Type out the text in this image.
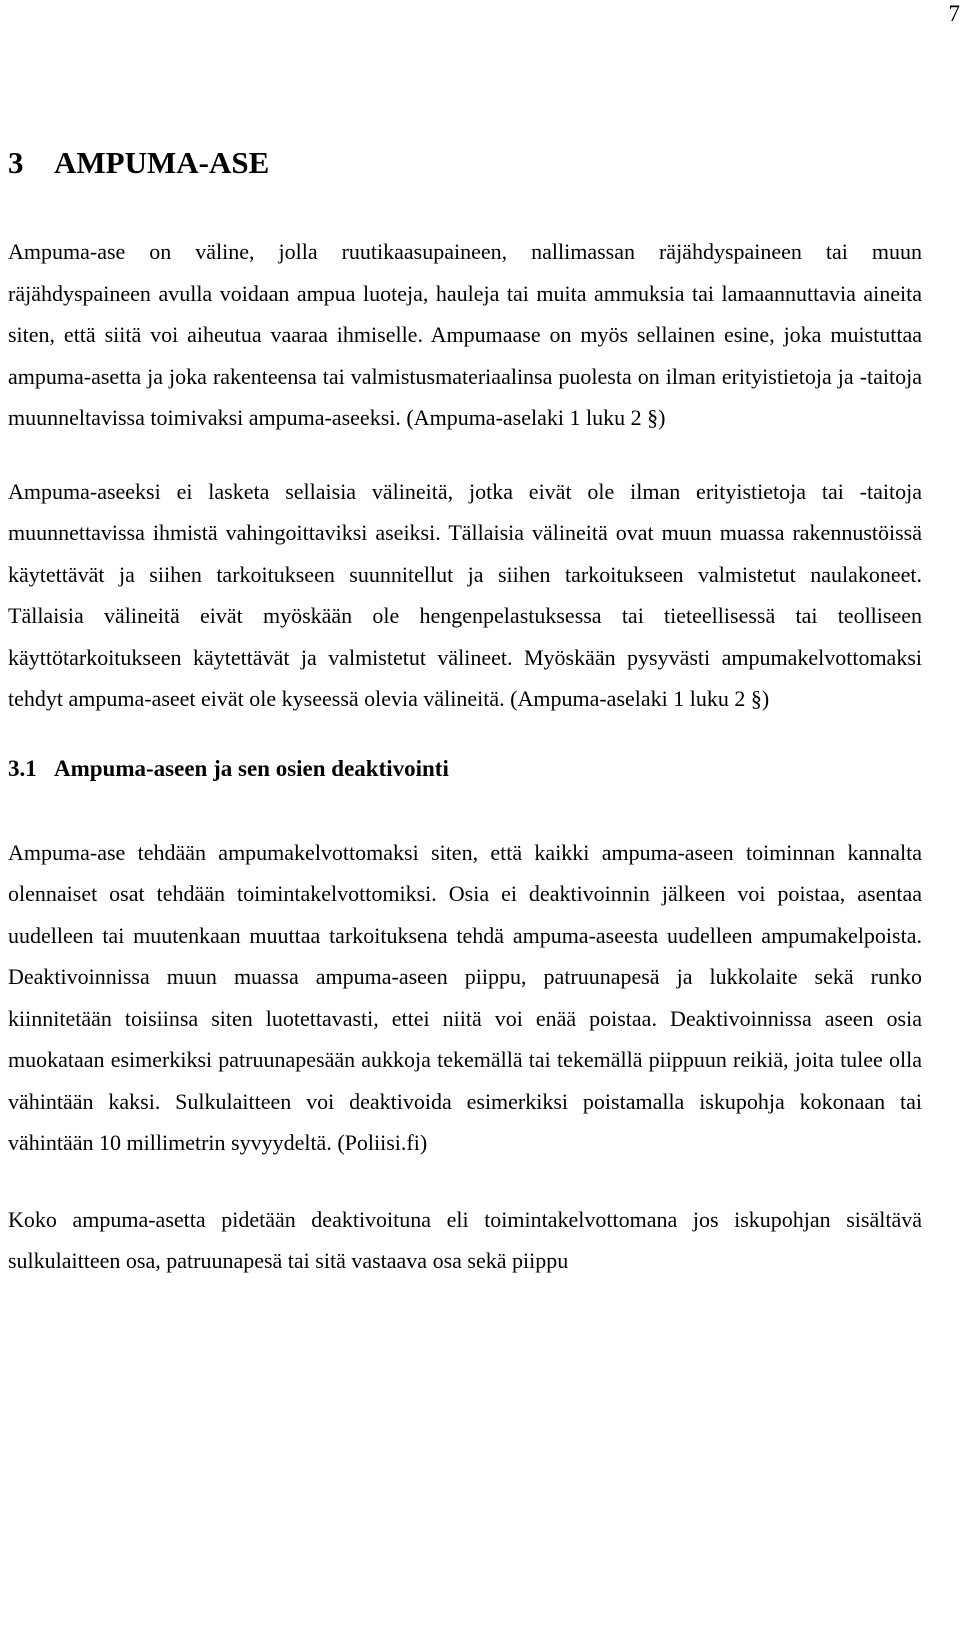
7
3 AMPUMA-ASE

Ampuma-ase on väline, jolla ruutikaasupaineen, nallimassan räjähdyspaineen tai muun räjähdyspaineen avulla voidaan ampua luoteja, hauleja tai muita ammuksia tai lamaannuttavia aineita siten, että siitä voi aiheutua vaaraa ihmiselle. Ampumaase on myös sellainen esine, joka muistuttaa ampuma-asetta ja joka rakenteensa tai valmistusmateriaalinsa puolesta on ilman erityistietoja ja -taitoja muunneltavissa toimivaksi ampuma-aseeksi. (Ampuma-aselaki 1 luku 2 §)

Ampuma-aseeksi ei lasketa sellaisia välineitä, jotka eivät ole ilman erityistietoja tai -taitoja muunnettavissa ihmistä vahingoittaviksi aseiksi. Tällaisia välineitä ovat muun muassa rakennustöissä käytettävät ja siihen tarkoitukseen suunnitellut ja siihen tarkoitukseen valmistetut naulakoneet. Tällaisia välineitä eivät myöskään ole hengenpelastuksessa tai tieteellisessä tai teolliseen käyttötarkoitukseen käytettävät ja valmistetut välineet. Myöskään pysyvästi ampumakelvottomaksi tehdyt ampuma-aseet eivät ole kyseessä olevia välineitä. (Ampuma-aselaki 1 luku 2 §)

3.1 Ampuma-aseen ja sen osien deaktivointi

Ampuma-ase tehdään ampumakelvottomaksi siten, että kaikki ampuma-aseen toiminnan kannalta olennaiset osat tehdään toimintakelvottomiksi. Osia ei deaktivoinnin jälkeen voi poistaa, asentaa uudelleen tai muutenkaan muuttaa tarkoituksena tehdä ampuma-aseesta uudelleen ampumakelpoista. Deaktivoinnissa muun muassa ampuma-aseen piippu, patruunapesä ja lukkolaite sekä runko kiinnitetään toisiinsa siten luotettavasti, ettei niitä voi enää poistaa. Deaktivoinnissa aseen osia muokataan esimerkiksi patruunapesään aukkoja tekemällä tai tekemällä piippuun reikiä, joita tulee olla vähintään kaksi. Sulkulaitteen voi deaktivoida esimerkiksi poistamalla iskupohja kokonaan tai vähintään 10 millimetrin syvyydeltä. (Poliisi.fi)

Koko ampuma-asetta pidetään deaktivoituna eli toimintakelvottomana jos iskupohjan sisältävä sulkulaitteen osa, patruunapesä tai sitä vastaava osa sekä piippu
